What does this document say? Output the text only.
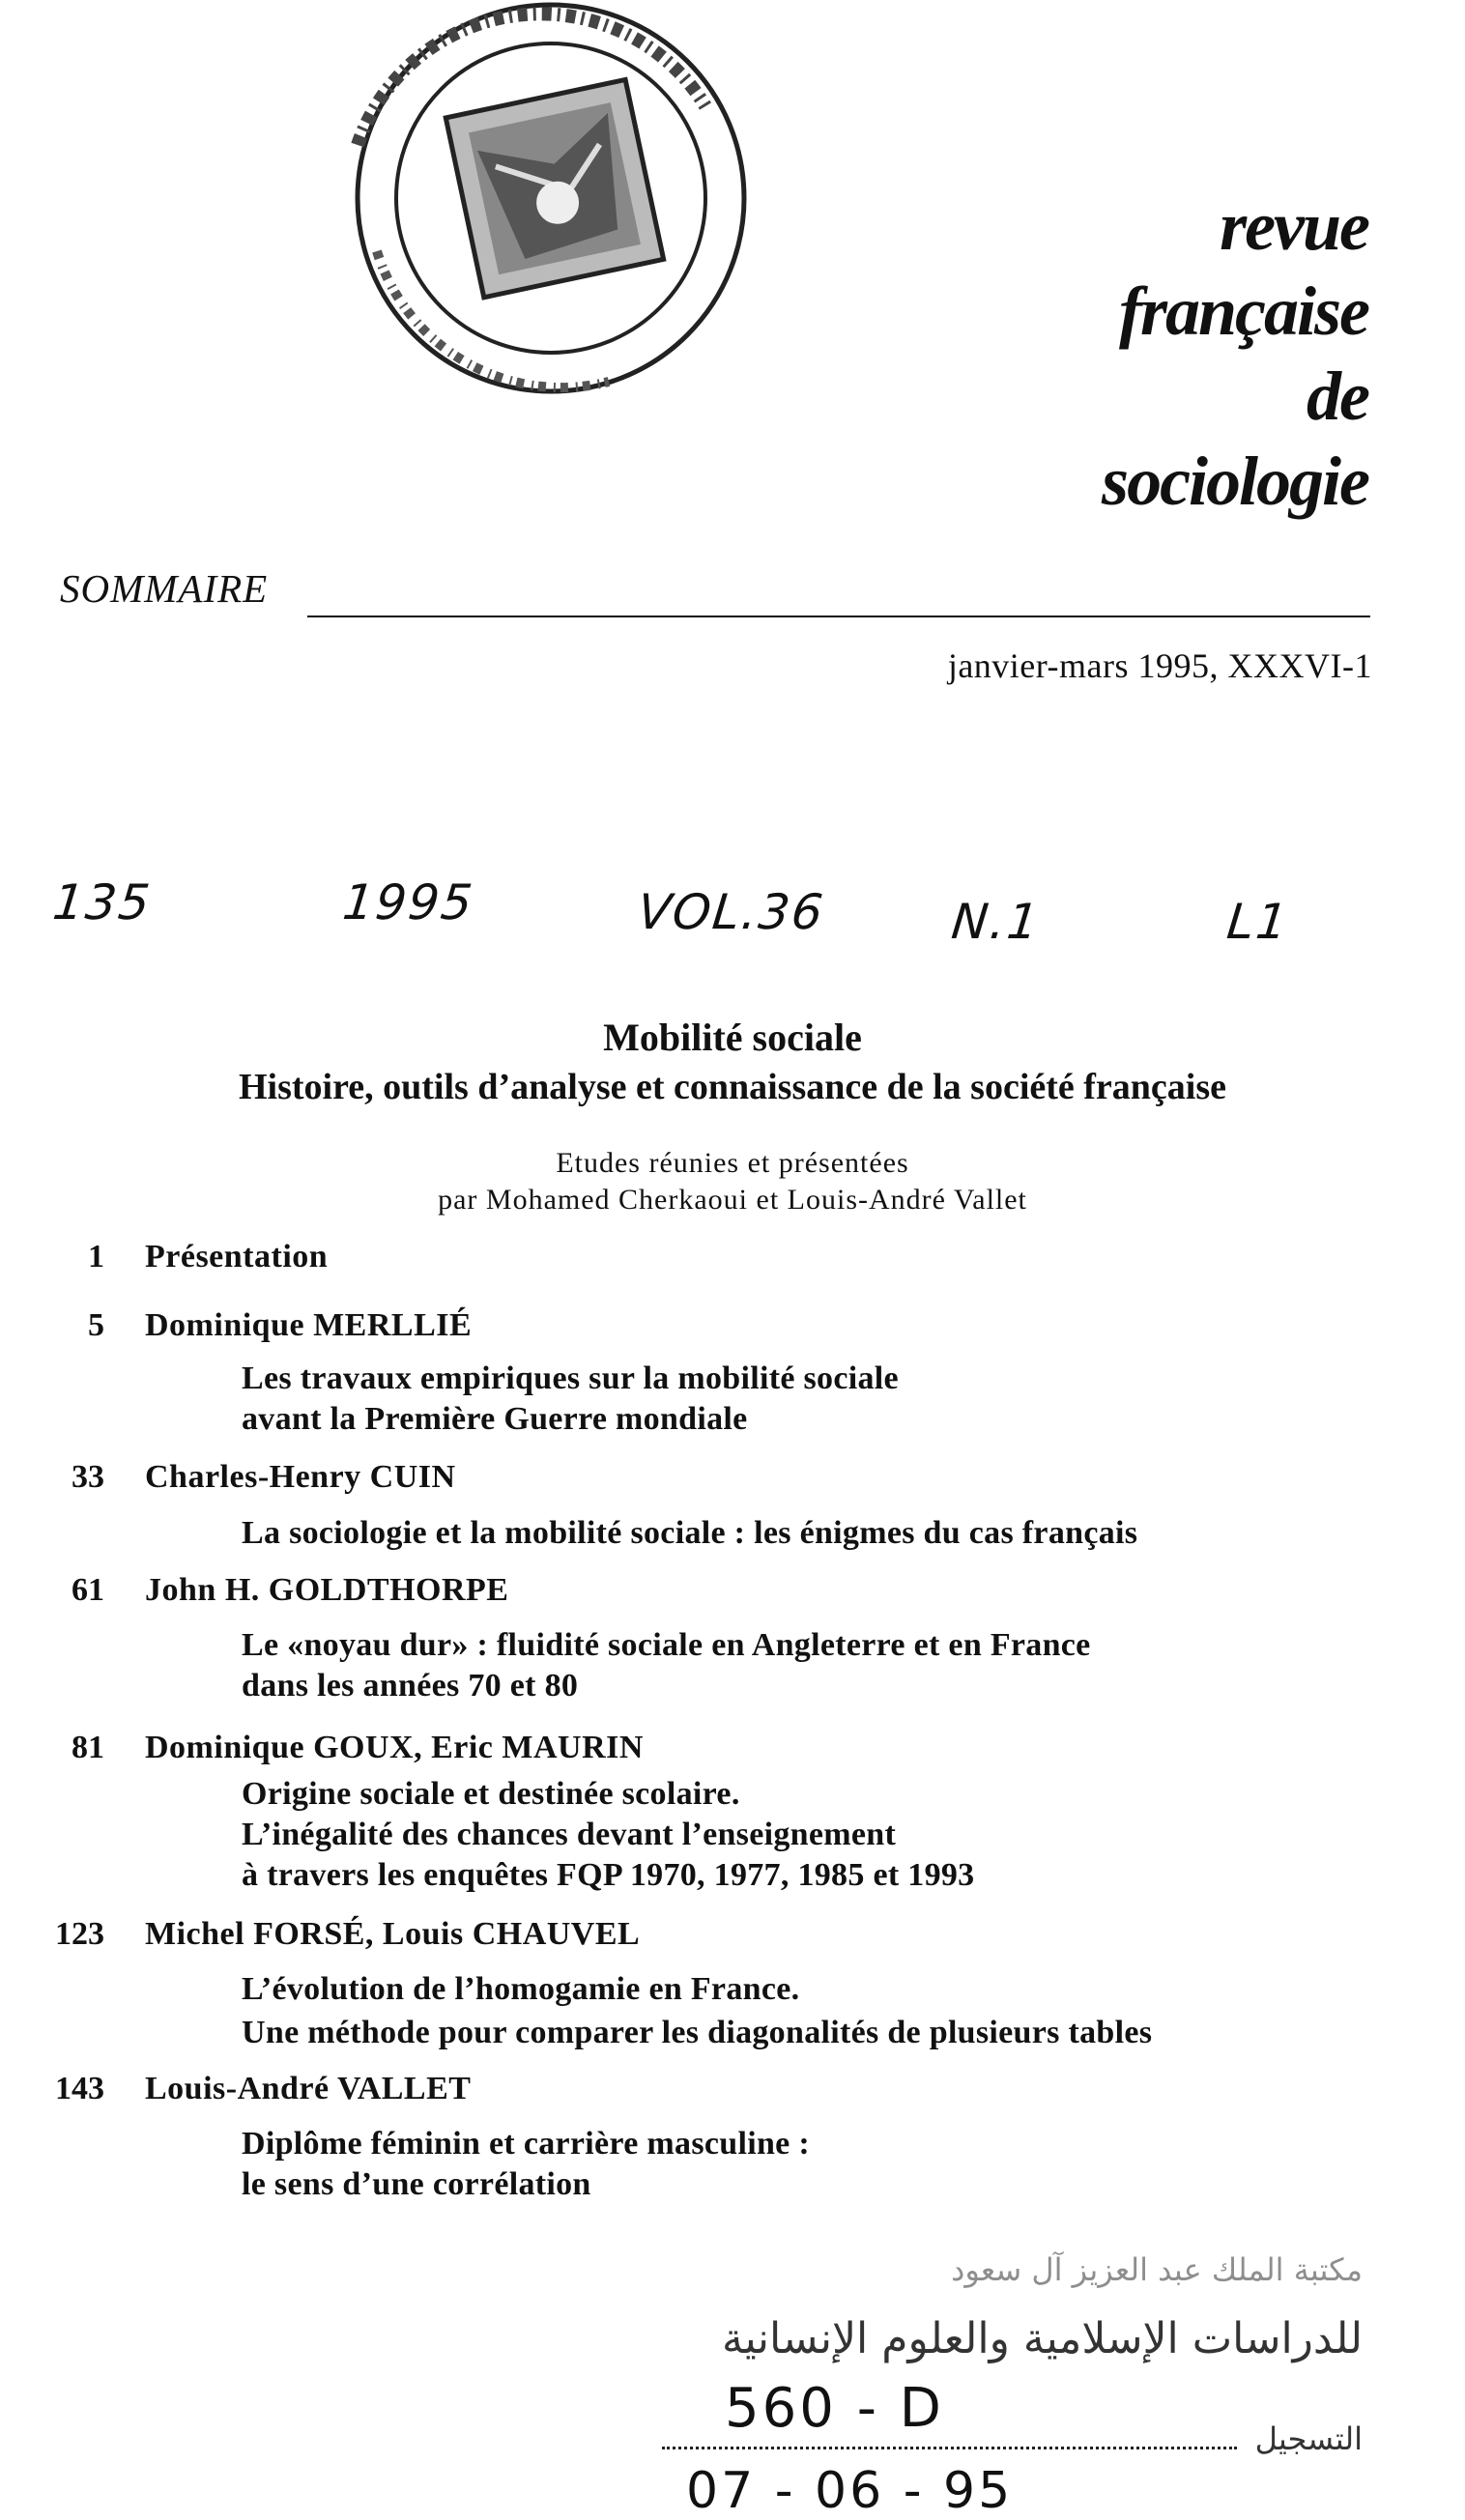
revue
française
de
sociologie
SOMMAIRE
janvier-mars 1995, XXXVI-1
135	1995	VOL.36	N.1	L1
Mobilité sociale
Histoire, outils d’analyse et connaissance de la société française
Etudes réunies et présentées
par Mohamed Cherkaoui et Louis-André Vallet
1 Présentation
5 Dominique MERLLIÉ
Les travaux empiriques sur la mobilité sociale
avant la Première Guerre mondiale
33 Charles-Henry CUIN
La sociologie et la mobilité sociale : les énigmes du cas français
61 John H. GOLDTHORPE
Le «noyau dur» : fluidité sociale en Angleterre et en France
dans les années 70 et 80
81 Dominique GOUX, Eric MAURIN
Origine sociale et destinée scolaire.
L’inégalité des chances devant l’enseignement
à travers les enquêtes FQP 1970, 1977, 1985 et 1993
123 Michel FORSÉ, Louis CHAUVEL
L’évolution de l’homogamie en France.
Une méthode pour comparer les diagonalités de plusieurs tables
143 Louis-André VALLET
Diplôme féminin et carrière masculine :
le sens d’une corrélation
مكتبة الملك عبد العزيز آل سعود
للدراسات الإسلامية والعلوم الإنسانية
560 - D	التسجيل
07 - 06 - 95
